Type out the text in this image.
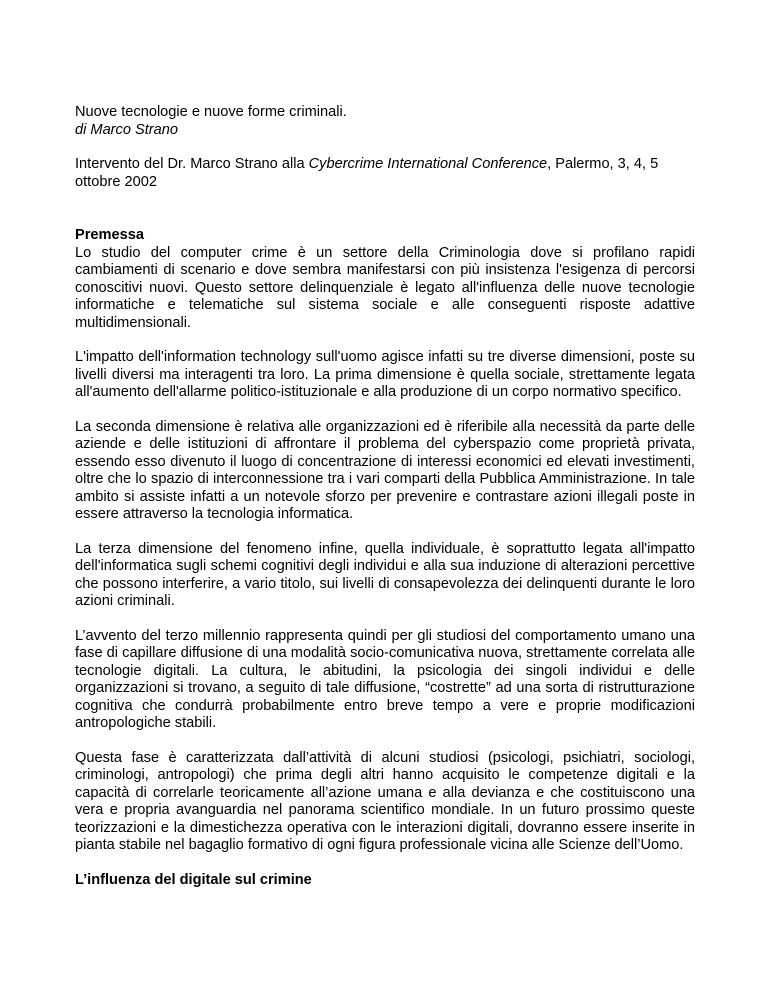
Nuove tecnologie e nuove forme criminali.
di Marco Strano

Intervento del Dr. Marco Strano alla Cybercrime International Conference, Palermo, 3, 4, 5 ottobre 2002

Premessa

Lo studio del computer crime è un settore della Criminologia dove si profilano rapidi cambiamenti di scenario e dove sembra manifestarsi con più insistenza l'esigenza di percorsi conoscitivi nuovi. Questo settore delinquenziale è legato all'influenza delle nuove tecnologie informatiche e telematiche sul sistema sociale e alle conseguenti risposte adattive multidimensionali.

L'impatto dell'information technology sull'uomo agisce infatti su tre diverse dimensioni, poste su livelli diversi ma interagenti tra loro. La prima dimensione è quella sociale, strettamente legata all'aumento dell'allarme politico-istituzionale e alla produzione di un corpo normativo specifico.

La seconda dimensione è relativa alle organizzazioni ed è riferibile alla necessità da parte delle aziende e delle istituzioni di affrontare il problema del cyberspazio come proprietà privata, essendo esso divenuto il luogo di concentrazione di interessi economici ed elevati investimenti, oltre che lo spazio di interconnessione tra i vari comparti della Pubblica Amministrazione. In tale ambito si assiste infatti a un notevole sforzo per prevenire e contrastare azioni illegali poste in essere attraverso la tecnologia informatica.

La terza dimensione del fenomeno infine, quella individuale, è soprattutto legata all'impatto dell'informatica sugli schemi cognitivi degli individui e alla sua induzione di alterazioni percettive che possono interferire, a vario titolo, sui livelli di consapevolezza dei delinquenti durante le loro azioni criminali.

L’avvento del terzo millennio rappresenta quindi per gli studiosi del comportamento umano una fase di capillare diffusione di una modalità socio-comunicativa nuova, strettamente correlata alle tecnologie digitali. La cultura, le abitudini, la psicologia dei singoli individui e delle organizzazioni si trovano, a seguito di tale diffusione, “costrette” ad una sorta di ristrutturazione cognitiva che condurrà probabilmente entro breve tempo a vere e proprie modificazioni antropologiche stabili.

Questa fase è caratterizzata dall’attività di alcuni studiosi (psicologi, psichiatri, sociologi, criminologi, antropologi) che prima degli altri hanno acquisito le competenze digitali e la capacità di correlarle teoricamente all’azione umana e alla devianza e che costituiscono una vera e propria avanguardia nel panorama scientifico mondiale. In un futuro prossimo queste teorizzazioni e la dimestichezza operativa con le interazioni digitali, dovranno essere inserite in pianta stabile nel bagaglio formativo di ogni figura professionale vicina alle Scienze dell’Uomo.

L’influenza del digitale sul crimine
